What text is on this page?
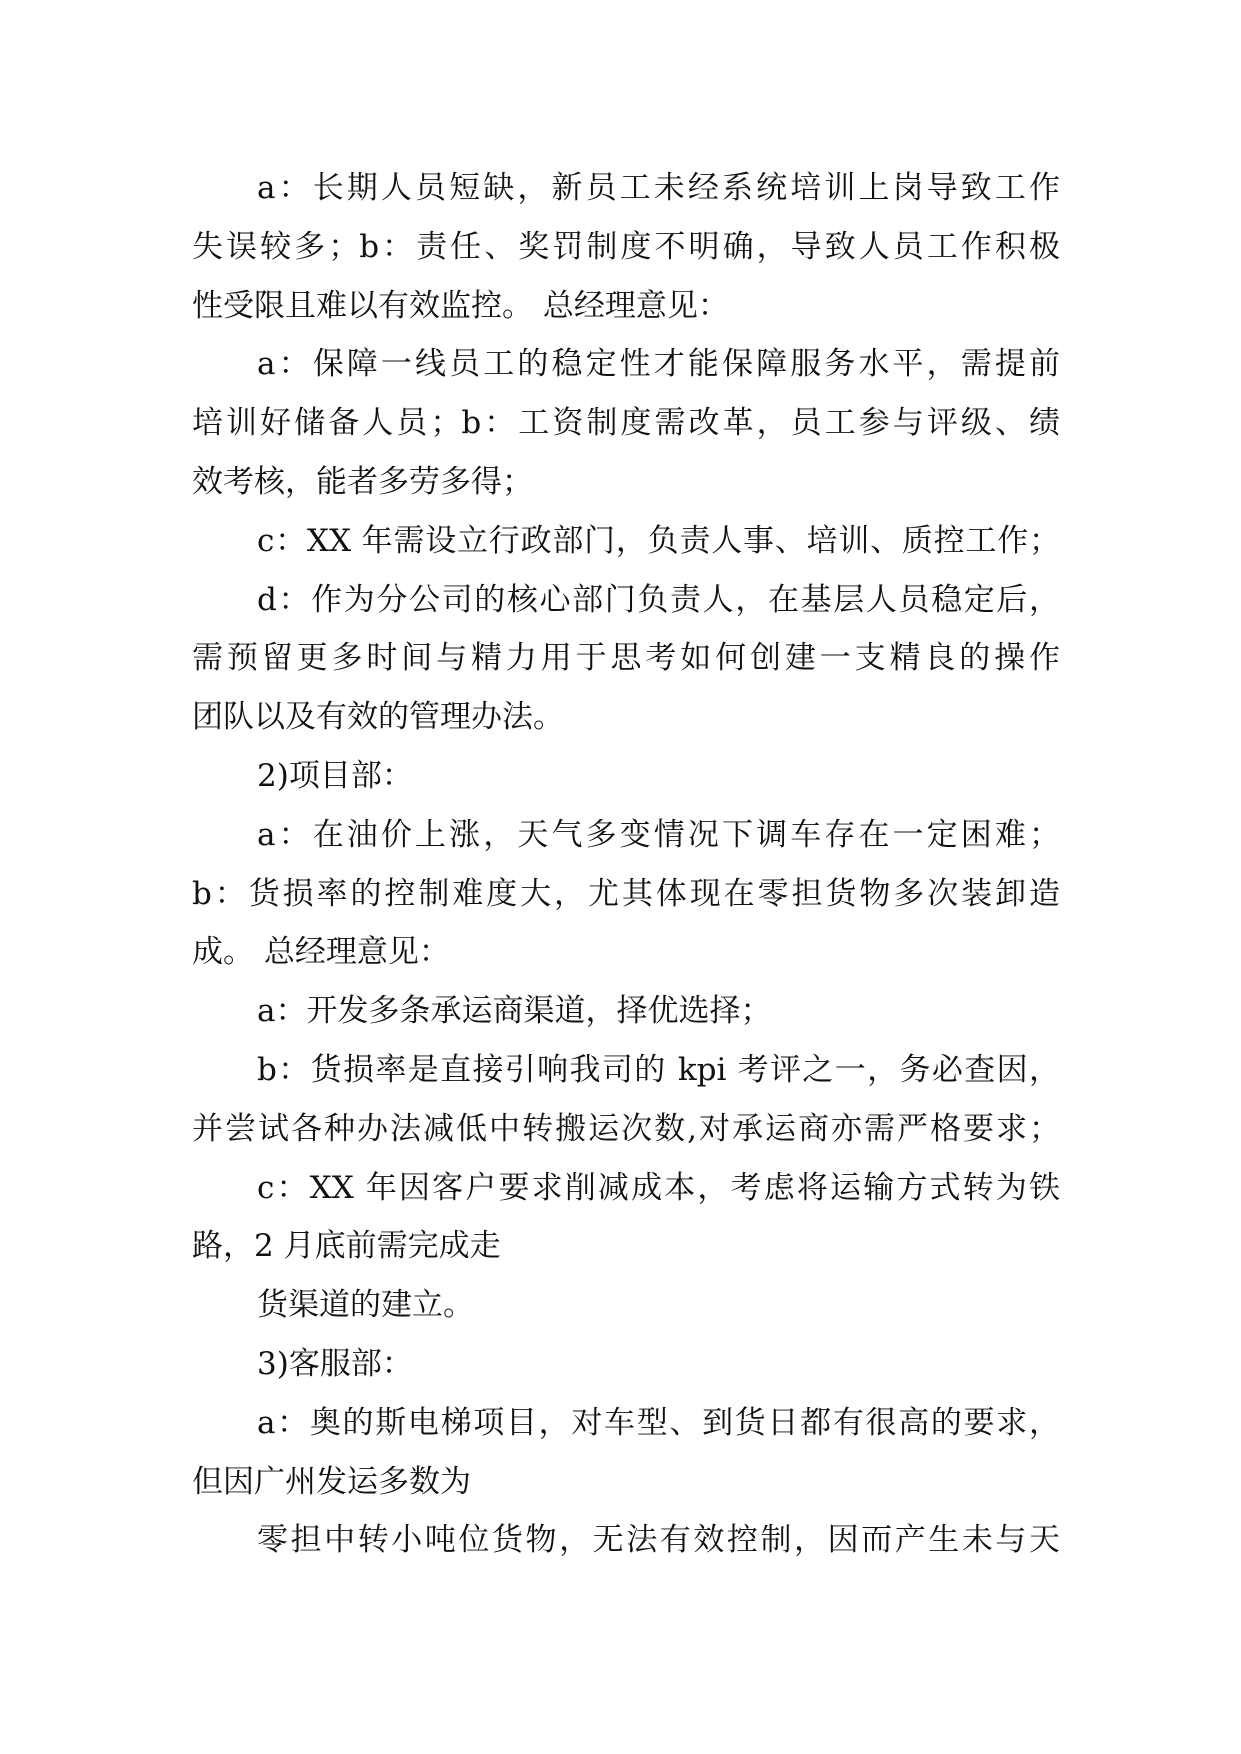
a：长期人员短缺，新员工未经系统培训上岗导致工作
失误较多；b：责任、奖罚制度不明确，导致人员工作积极
性受限且难以有效监控。 总经理意见：
a：保障一线员工的稳定性才能保障服务水平，需提前
培训好储备人员；b：工资制度需改革，员工参与评级、绩
效考核，能者多劳多得；
c：XX 年需设立行政部门，负责人事、培训、质控工作；
d：作为分公司的核心部门负责人，在基层人员稳定后，
需预留更多时间与精力用于思考如何创建一支精良的操作
团队以及有效的管理办法。
2)项目部：
a：在油价上涨，天气多变情况下调车存在一定困难；
b：货损率的控制难度大，尤其体现在零担货物多次装卸造
成。 总经理意见：
a：开发多条承运商渠道，择优选择；
b：货损率是直接引响我司的 kpi 考评之一，务必查因，
并尝试各种办法减低中转搬运次数,对承运商亦需严格要求；
c：XX 年因客户要求削减成本，考虑将运输方式转为铁
路，2 月底前需完成走
货渠道的建立。
3)客服部：
a：奥的斯电梯项目，对车型、到货日都有很高的要求，
但因广州发运多数为
零担中转小吨位货物，无法有效控制，因而产生未与天
